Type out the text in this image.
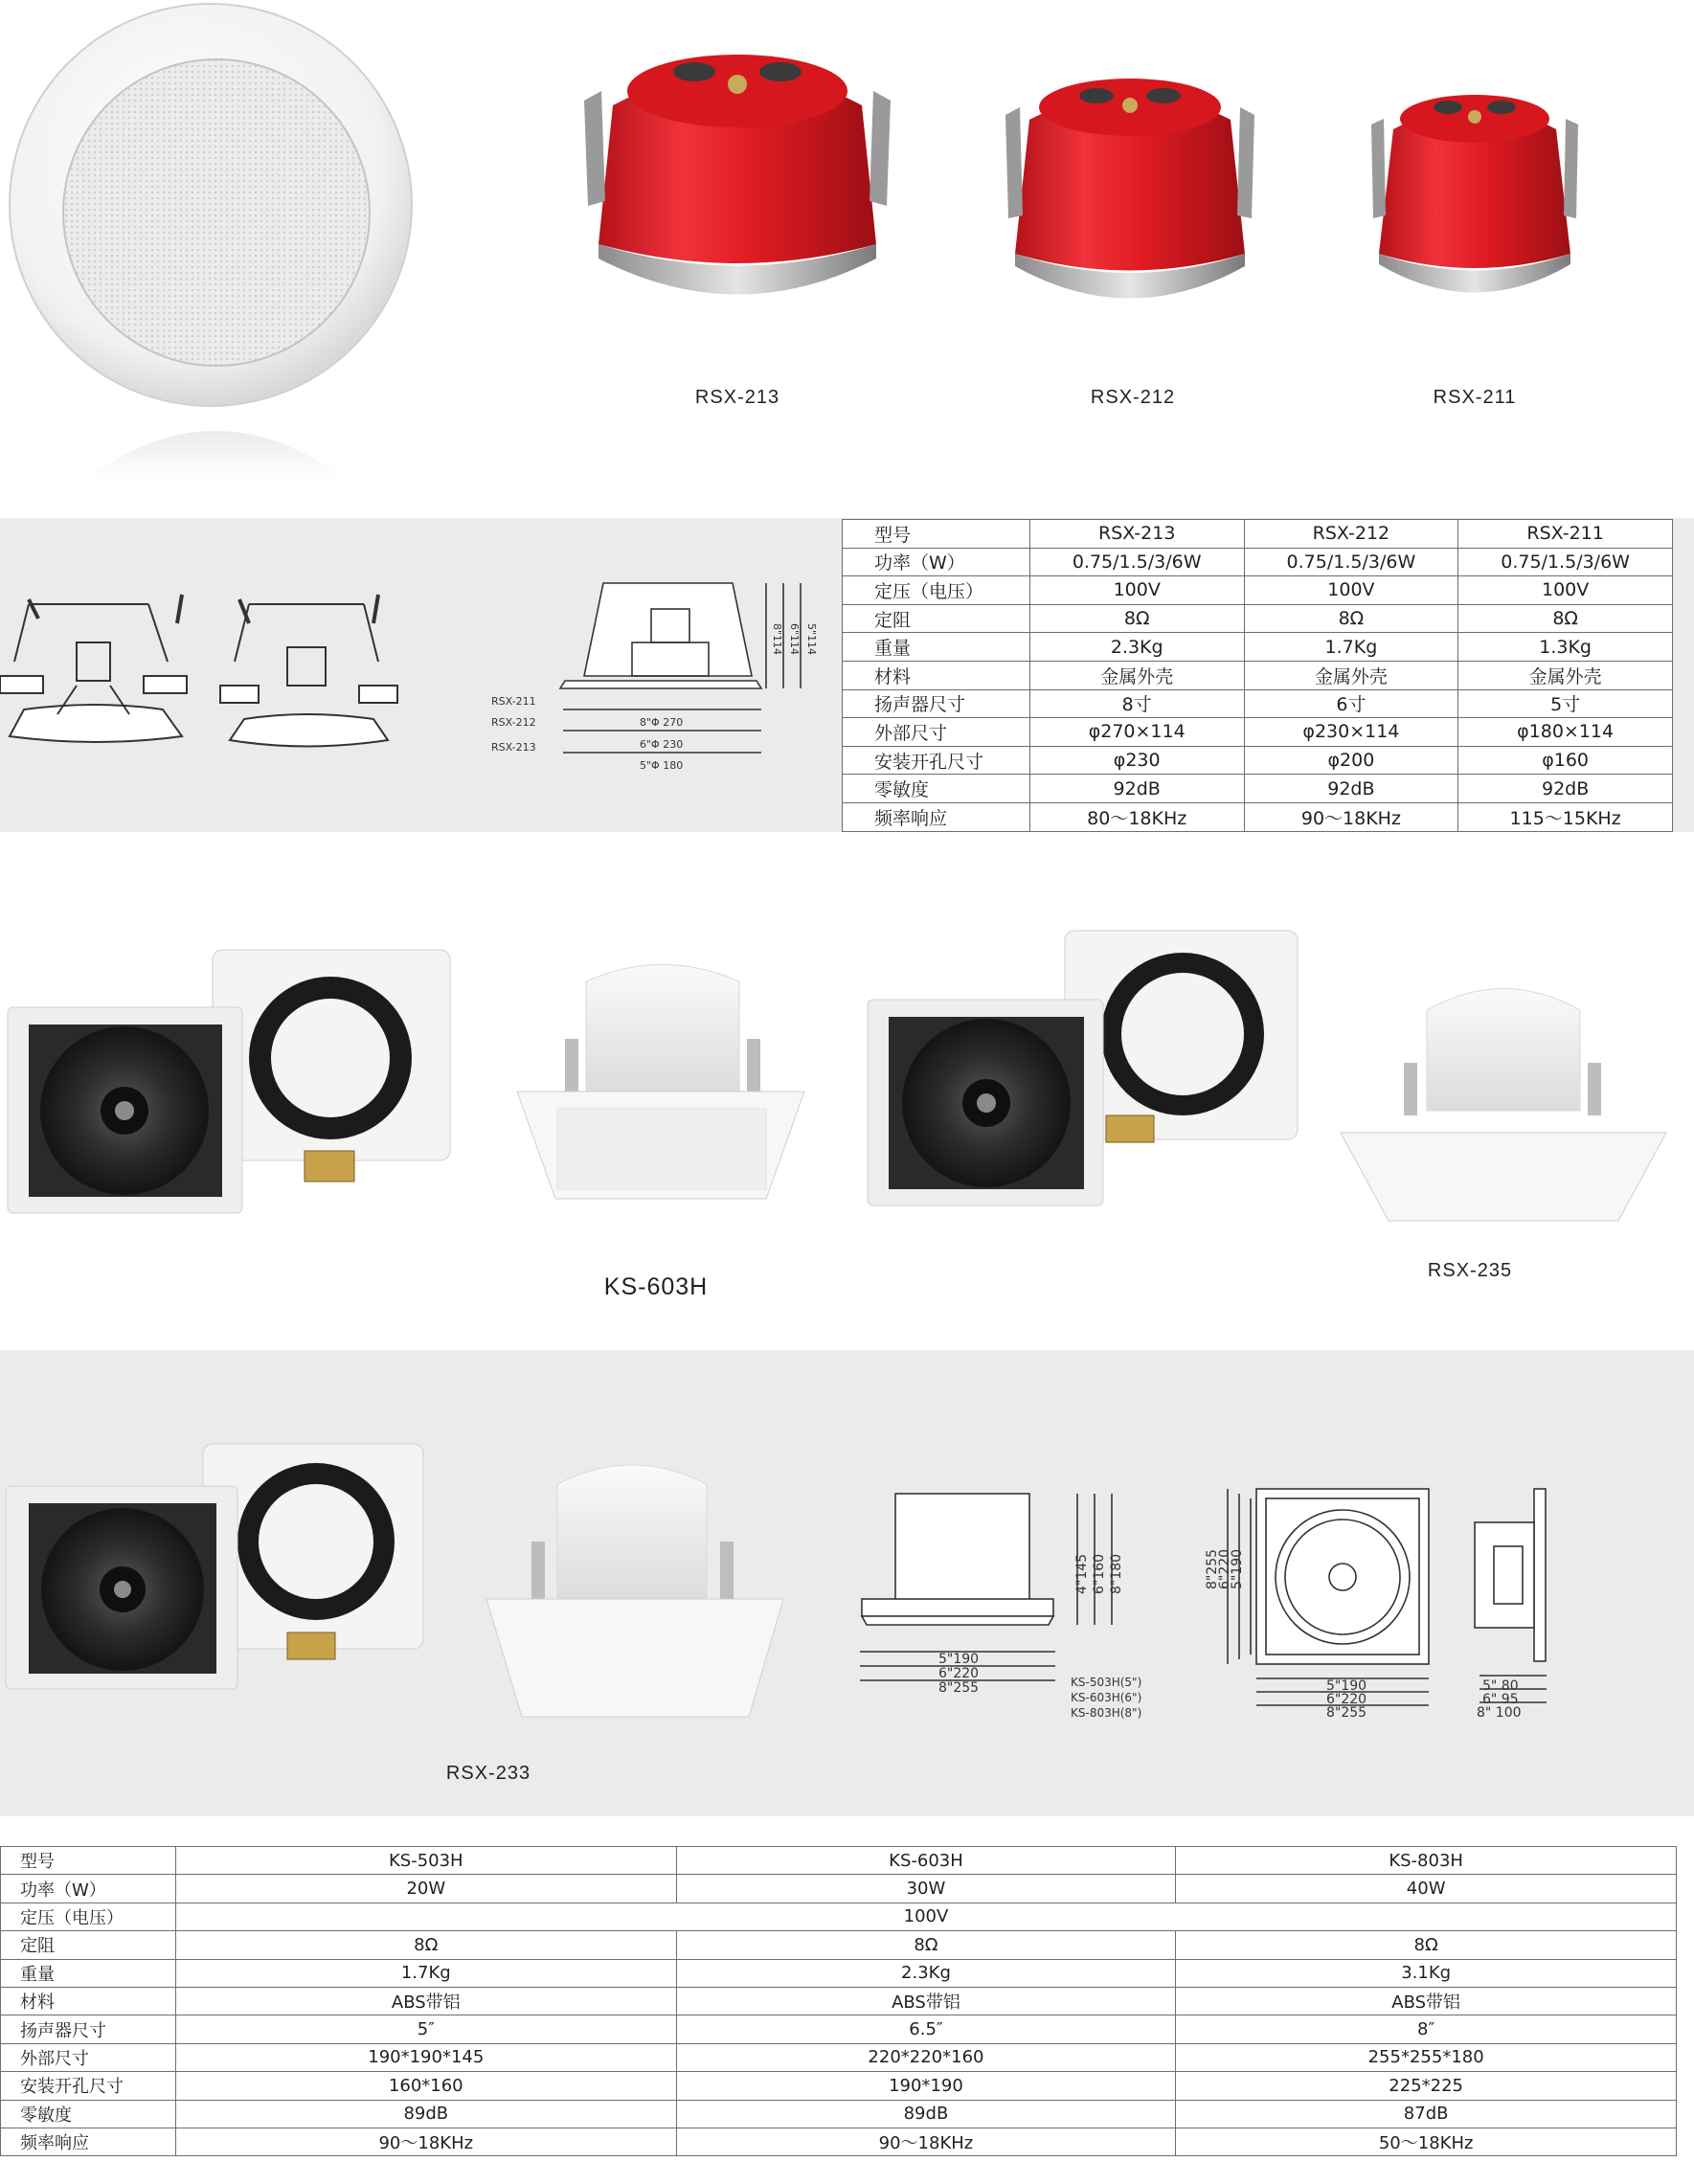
RSX-213	RSX-212	RSX-211
RSX-211
RSX-212
RSX-213
8"Φ 270
6"Φ 230
5"Φ 180
8"114 6"114 5"114
型号	RSX-213	RSX-212	RSX-211
功率（W）	0.75/1.5/3/6W	0.75/1.5/3/6W	0.75/1.5/3/6W
定压（电压）	100V	100V	100V
定阻	8Ω	8Ω	8Ω
重量	2.3Kg	1.7Kg	1.3Kg
材料	金属外壳	金属外壳	金属外壳
扬声器尺寸	8寸	6寸	5寸
外部尺寸	φ270×114	φ230×114	φ180×114
安装开孔尺寸	φ230	φ200	φ160
零敏度	92dB	92dB	92dB
频率响应	80～18KHz	90～18KHz	115～15KHz
KS-603H
RSX-235
RSX-233
4"145 6"160 8"180
5"190
6"220
8"255	KS-503H(5")
KS-603H(6")
KS-803H(8")
8"255
6"220
5"190
5"190
6"220
8"255
5" 80
6" 95
8" 100
型号	KS-503H	KS-603H	KS-803H
功率（W）	20W	30W	40W
定压（电压）	100V		
定阻	8Ω	8Ω	8Ω
重量	1.7Kg	2.3Kg	3.1Kg
材料	ABS带铝	ABS带铝	ABS带铝
扬声器尺寸	5″	6.5″	8″
外部尺寸	190*190*145	220*220*160	255*255*180
安装开孔尺寸	160*160	190*190	225*225
零敏度	89dB	89dB	87dB
频率响应	90～18KHz	90～18KHz	50～18KHz
